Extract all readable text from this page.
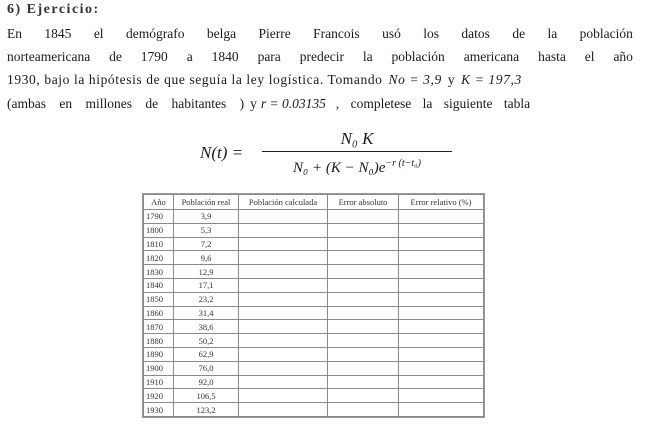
6) Ejercicio:
En 1845 el demógrafo belga Pierre Francois usó los datos de la población
norteamericana de 1790 a 1840 para predecir la población americana hasta el año
1930, bajo la hipótesis de que seguía la ley logística. Tomando No = 3,9 y K = 197,3
(ambas en millones de habitantes ) y r = 0.03135 , completese la siguiente tabla
N(t) =
N₀ K
$N_0 + (K - N_0)e^{-r (t-t_0)}$
Año	Población real	Población calculada	Error absoluto	Error relativo (%)
1790	3,9			
1800	5,3			
1810	7,2			
1820	9,6			
1830	12,9			
1840	17,1			
1850	23,2			
1860	31,4			
1870	38,6			
1880	50,2			
1890	62,9			
1900	76,0			
1910	92,0			
1920	106,5			
1930	123,2			
